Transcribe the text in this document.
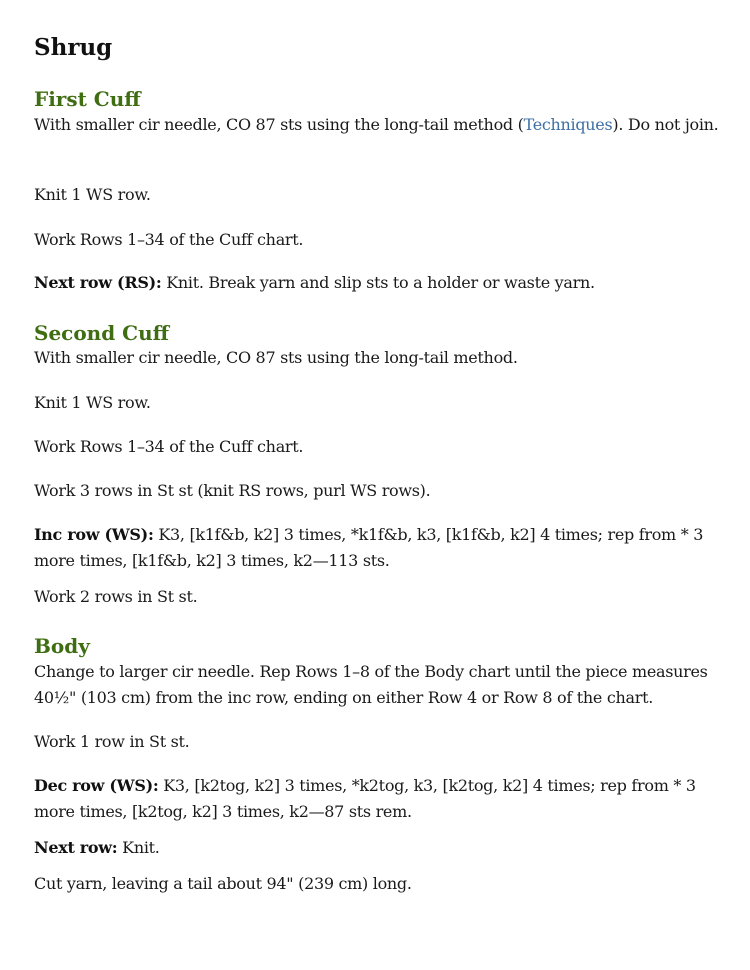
Shrug
First Cuff

With smaller cir needle, CO 87 sts using the long-tail method (Techniques). Do not join.

Knit 1 WS row.

Work Rows 1–34 of the Cuff chart.

Next row (RS): Knit. Break yarn and slip sts to a holder or waste yarn.

Second Cuff

With smaller cir needle, CO 87 sts using the long-tail method.

Knit 1 WS row.

Work Rows 1–34 of the Cuff chart.

Work 3 rows in St st (knit RS rows, purl WS rows).

Inc row (WS): K3, [k1f&b, k2] 3 times, *k1f&b, k3, [k1f&b, k2] 4 times; rep from * 3 more times, [k1f&b, k2] 3 times, k2—113 sts.

Work 2 rows in St st.

Body

Change to larger cir needle. Rep Rows 1–8 of the Body chart until the piece measures 40½" (103 cm) from the inc row, ending on either Row 4 or Row 8 of the chart.

Work 1 row in St st.

Dec row (WS): K3, [k2tog, k2] 3 times, *k2tog, k3, [k2tog, k2] 4 times; rep from * 3 more times, [k2tog, k2] 3 times, k2—87 sts rem.

Next row: Knit.

Cut yarn, leaving a tail about 94" (239 cm) long.
